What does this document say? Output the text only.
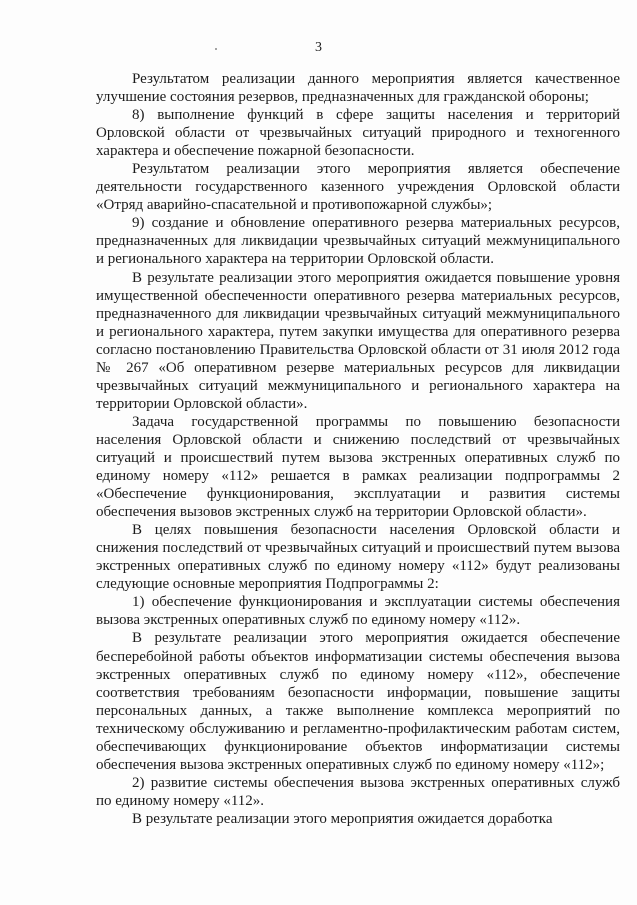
3

Результатом реализации данного мероприятия является качественное улучшение состояния резервов, предназначенных для гражданской обороны;

8) выполнение функций в сфере защиты населения и территорий Орловской области от чрезвычайных ситуаций природного и техногенного характера и обеспечение пожарной безопасности.

Результатом реализации этого мероприятия является обеспечение деятельности государственного казенного учреждения Орловской области «Отряд аварийно-спасательной и противопожарной службы»;

9) создание и обновление оперативного резерва материальных ресурсов, предназначенных для ликвидации чрезвычайных ситуаций межмуниципального и регионального характера на территории Орловской области.

В результате реализации этого мероприятия ожидается повышение уровня имущественной обеспеченности оперативного резерва материальных ресурсов, предназначенного для ликвидации чрезвычайных ситуаций межмуниципального и регионального характера, путем закупки имущества для оперативного резерва согласно постановлению Правительства Орловской области от 31 июля 2012 года № 267 «Об оперативном резерве материальных ресурсов для ликвидации чрезвычайных ситуаций межмуниципального и регионального характера на территории Орловской области».

Задача государственной программы по повышению безопасности населения Орловской области и снижению последствий от чрезвычайных ситуаций и происшествий путем вызова экстренных оперативных служб по единому номеру «112» решается в рамках реализации подпрограммы 2 «Обеспечение функционирования, эксплуатации и развития системы обеспечения вызовов экстренных служб на территории Орловской области».

В целях повышения безопасности населения Орловской области и снижения последствий от чрезвычайных ситуаций и происшествий путем вызова экстренных оперативных служб по единому номеру «112» будут реализованы следующие основные мероприятия Подпрограммы 2:

1) обеспечение функционирования и эксплуатации системы обеспечения вызова экстренных оперативных служб по единому номеру «112».

В результате реализации этого мероприятия ожидается обеспечение бесперебойной работы объектов информатизации системы обеспечения вызова экстренных оперативных служб по единому номеру «112», обеспечение соответствия требованиям безопасности информации, повышение защиты персональных данных, а также выполнение комплекса мероприятий по техническому обслуживанию и регламентно-профилактическим работам систем, обеспечивающих функционирование объектов информатизации системы обеспечения вызова экстренных оперативных служб по единому номеру «112»;

2) развитие системы обеспечения вызова экстренных оперативных служб по единому номеру «112».

В результате реализации этого мероприятия ожидается доработка
